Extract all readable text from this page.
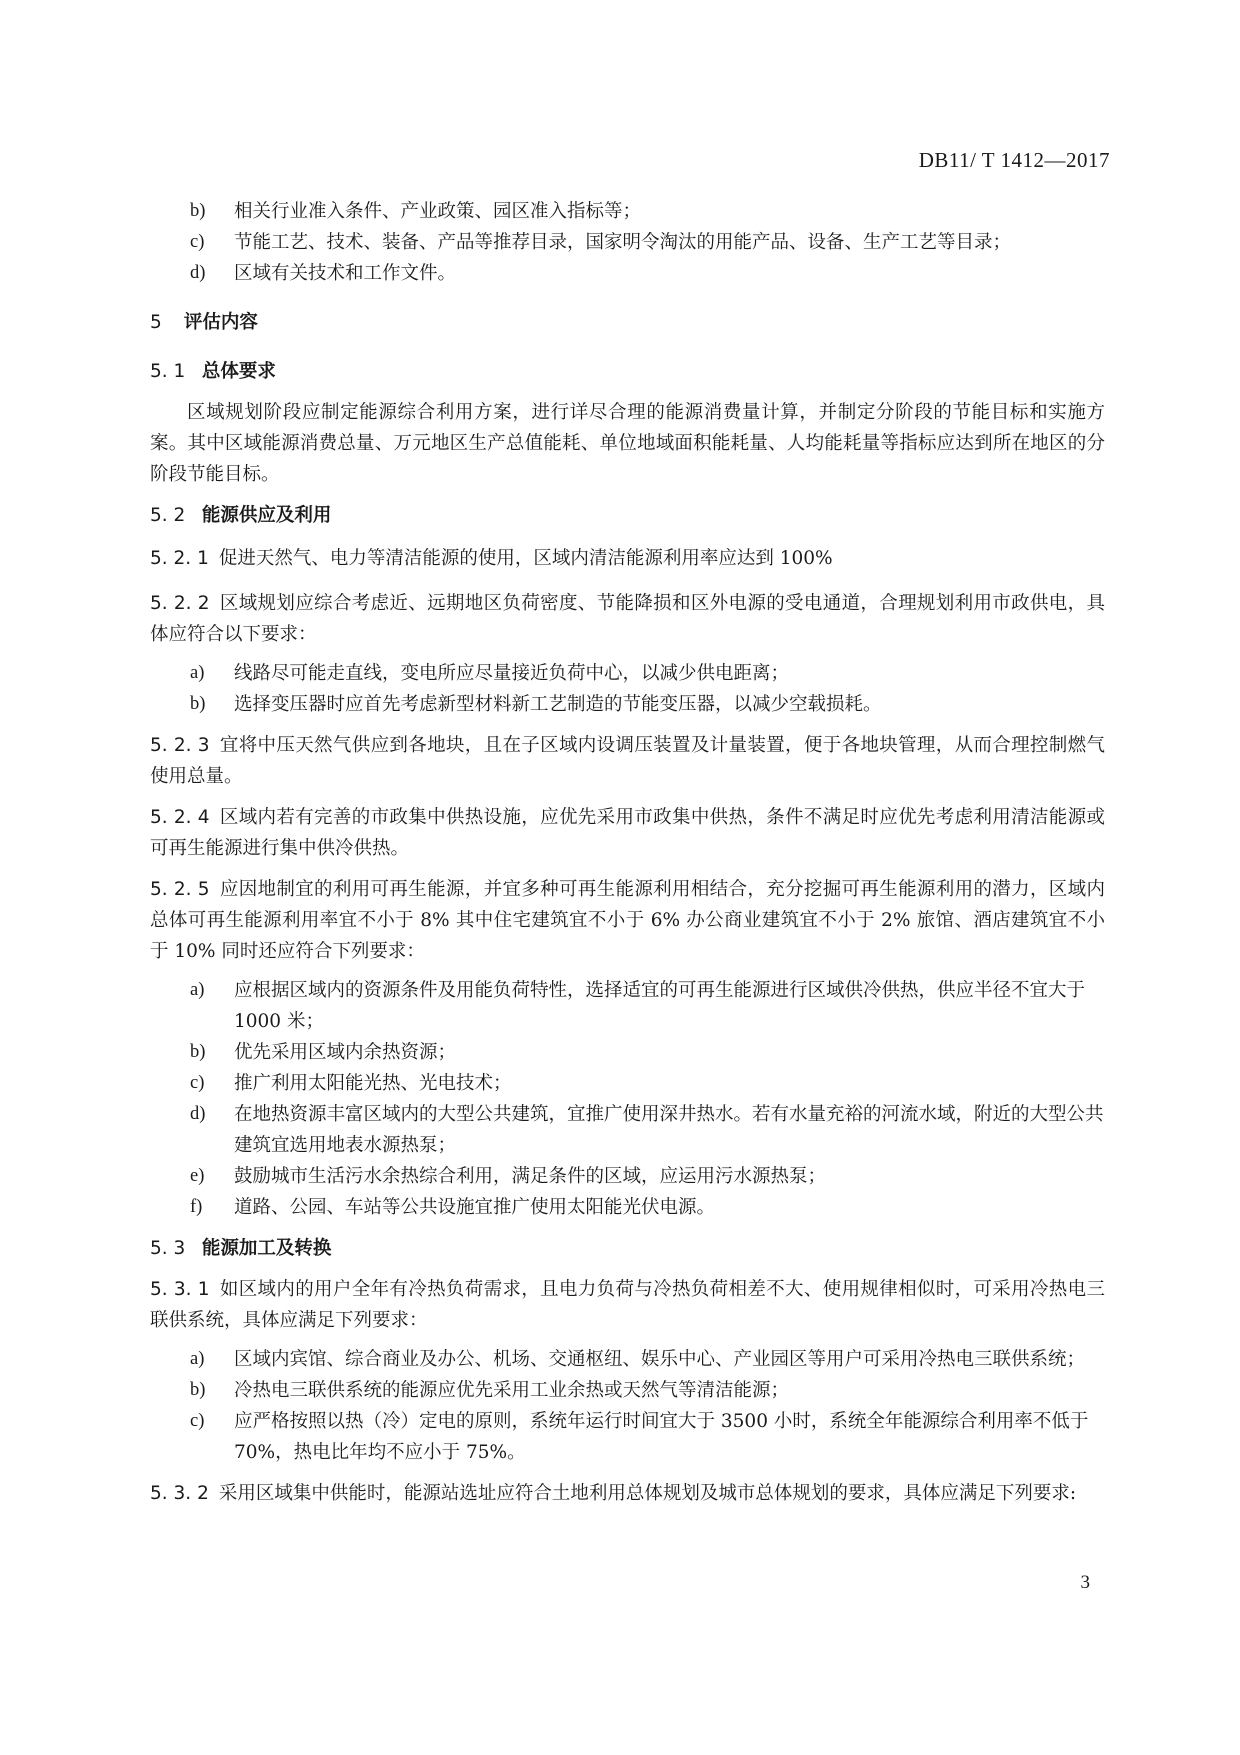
DB11/ T 1412—2017
b) 相关行业准入条件、产业政策、园区准入指标等；
c) 节能工艺、技术、装备、产品等推荐目录，国家明令淘汰的用能产品、设备、生产工艺等目录；
d) 区域有关技术和工作文件。
5 评估内容
5. 1 总体要求

区域规划阶段应制定能源综合利用方案，进行详尽合理的能源消费量计算，并制定分阶段的节能目标和实施方案。其中区域能源消费总量、万元地区生产总值能耗、单位地域面积能耗量、人均能耗量等指标应达到所在地区的分阶段节能目标。

5. 2 能源供应及利用

5. 2. 1 促进天然气、电力等清洁能源的使用，区域内清洁能源利用率应达到 100%

5. 2. 2 区域规划应综合考虑近、远期地区负荷密度、节能降损和区外电源的受电通道，合理规划利用市政供电，具体应符合以下要求：

a) 线路尽可能走直线，变电所应尽量接近负荷中心，以减少供电距离；
b) 选择变压器时应首先考虑新型材料新工艺制造的节能变压器，以减少空载损耗。

5. 2. 3 宜将中压天然气供应到各地块，且在子区域内设调压装置及计量装置，便于各地块管理，从而合理控制燃气使用总量。

5. 2. 4 区域内若有完善的市政集中供热设施，应优先采用市政集中供热，条件不满足时应优先考虑利用清洁能源或可再生能源进行集中供冷供热。

5. 2. 5 应因地制宜的利用可再生能源，并宜多种可再生能源利用相结合，充分挖掘可再生能源利用的潜力，区域内总体可再生能源利用率宜不小于 8% 其中住宅建筑宜不小于 6% 办公商业建筑宜不小于 2% 旅馆、酒店建筑宜不小于 10% 同时还应符合下列要求：

a) 应根据区域内的资源条件及用能负荷特性，选择适宜的可再生能源进行区域供冷供热，供应半径不宜大于 1000 米；
b) 优先采用区域内余热资源；
c) 推广利用太阳能光热、光电技术；
d) 在地热资源丰富区域内的大型公共建筑，宜推广使用深井热水。若有水量充裕的河流水域，附近的大型公共建筑宜选用地表水源热泵；
e) 鼓励城市生活污水余热综合利用，满足条件的区域，应运用污水源热泵；
f) 道路、公园、车站等公共设施宜推广使用太阳能光伏电源。
5. 3 能源加工及转换

5. 3. 1 如区域内的用户全年有冷热负荷需求，且电力负荷与冷热负荷相差不大、使用规律相似时，可采用冷热电三联供系统，具体应满足下列要求：

a) 区域内宾馆、综合商业及办公、机场、交通枢纽、娱乐中心、产业园区等用户可采用冷热电三联供系统；
b) 冷热电三联供系统的能源应优先采用工业余热或天然气等清洁能源；
c) 应严格按照以热（冷）定电的原则，系统年运行时间宜大于 3500 小时，系统全年能源综合利用率不低于 70%，热电比年均不应小于 75%。

5. 3. 2 采用区域集中供能时，能源站选址应符合土地利用总体规划及城市总体规划的要求，具体应满足下列要求:

3
